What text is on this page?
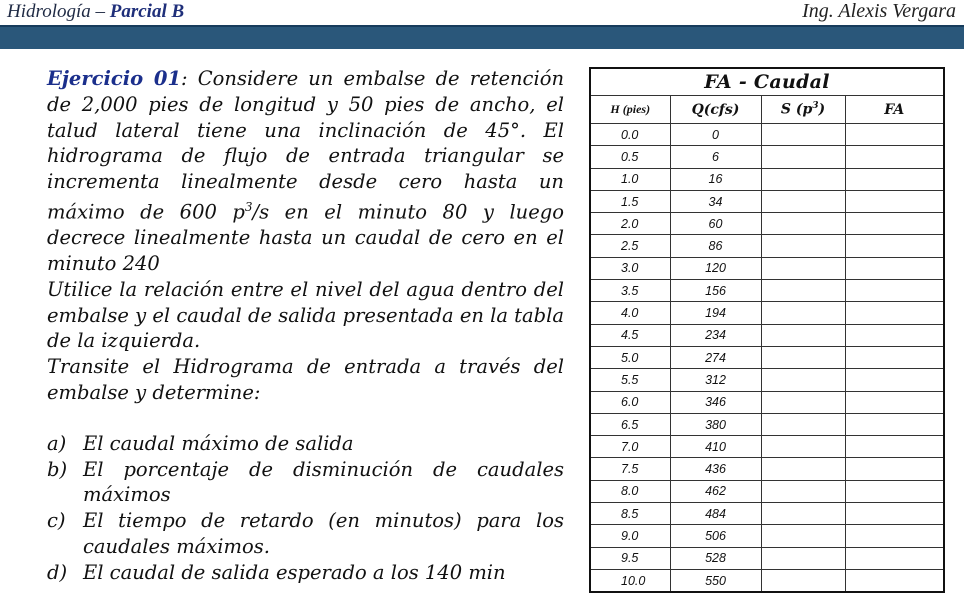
Hidrología – Parcial B	Ing. Alexis Vergara

Ejercicio 01: Considere un embalse de retención de 2,000 pies de longitud y 50 pies de ancho, el talud lateral tiene una inclinación de 45°. El hidrograma de flujo de entrada triangular se incrementa linealmente desde cero hasta un máximo de 600 $p^3/s$ en el minuto 80 y luego decrece linealmente hasta un caudal de cero en el minuto 240

Utilice la relación entre el nivel del agua dentro del embalse y el caudal de salida presentada en la tabla de la izquierda.

Transite el Hidrograma de entrada a través del embalse y determine:

a) El caudal máximo de salida
b) El porcentaje de disminución de caudales máximos
c) El tiempo de retardo (en minutos) para los caudales máximos.
d) El caudal de salida esperado a los 140 min
FA - Caudal			
H (pies)	Q(cfs)	S $(p^3)$	FA
0.0	0		
0.5	6		
1.0	16		
1.5	34		
2.0	60		
2.5	86		
3.0	120		
3.5	156		
4.0	194		
4.5	234		
5.0	274		
5.5	312		
6.0	346		
6.5	380		
7.0	410		
7.5	436		
8.0	462		
8.5	484		
9.0	506		
9.5	528		
10.0	550		
